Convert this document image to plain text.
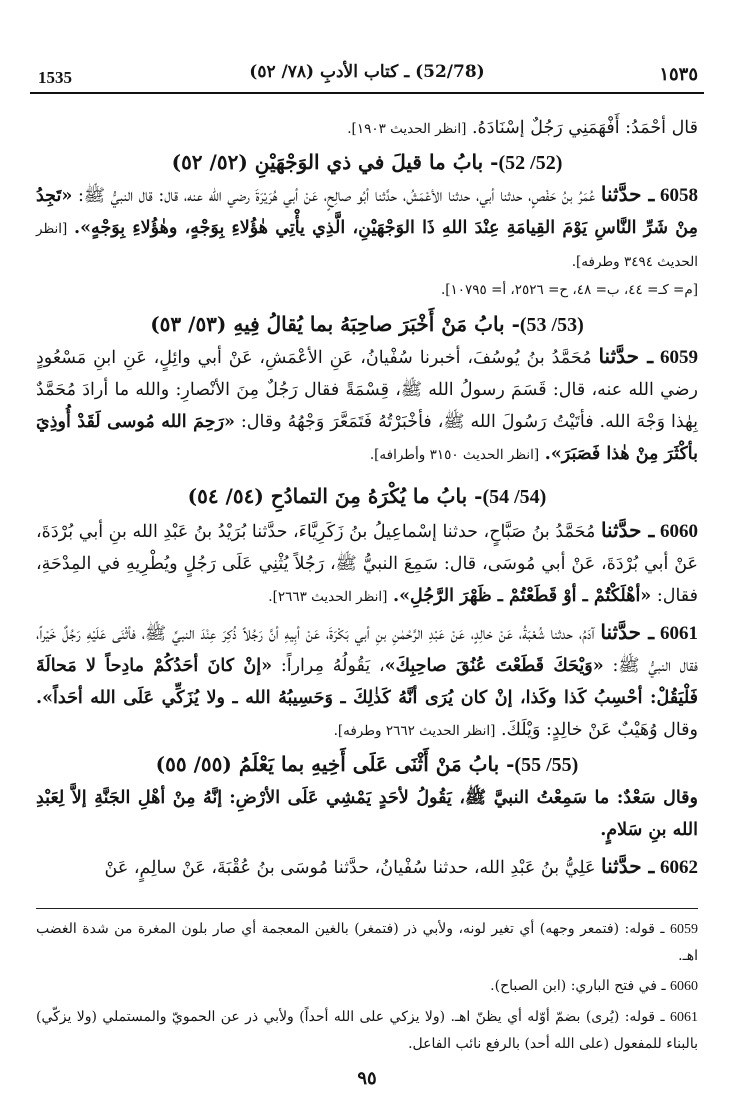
1535	(52/78) ـ كتاب الأدبِ (٧٨/ ٥٢)	١٥٣٥

قال أحْمَدُ: أَفْهَمَنِي رَجُلٌ إسْنَادَهُ. [انظر الحديث ١٩٠٣].

(52/ 52)- بابُ ما قيلَ في ذي الوَجْهَيْنِ (٥٢/ ٥٢)

6058 ـ حدَّثنا عُمَرُ بنُ حَفْصٍ، حدثنا أبي، حدثنا الأعْمَشُ، حدَّثنا أبُو صالِحٍ، عَنْ أبي هُرَيْرَةَ رضي الله عنه، قال: قال النبيُّ ﷺ: «تَجِدُ مِنْ شَرِّ النَّاسِ يَوْمَ القِيامَةِ عِنْدَ اللهِ ذَا الوَجْهَيْنِ، الَّذِي يأْتِي هٰؤُلاءِ بِوَجْهٍ، وهٰؤُلاءِ بِوَجْهٍ». [انظر الحديث ٣٤٩٤ وطرفه].

[م= كـ= ٤٤، ب= ٤٨، ح= ٢٥٢٦، أ= ١٠٧٩٥].

(53/ 53)- بابُ مَنْ أَخْبَرَ صاحِبَهُ بما يُقالُ فِيهِ (٥٣/ ٥٣)

6059 ـ حدَّثنا مُحَمَّدُ بنُ يُوسُفَ، أخبرنا سُفْيانُ، عَنِ الأعْمَشِ، عَنْ أبي وائِلٍ، عَنِ ابنِ مَسْعُودٍ رضي الله عنه، قال: قَسَمَ رسولُ الله ﷺ، قِسْمَةً فقال رَجُلٌ مِنَ الأنْصارِ: والله ما أرادَ مُحَمَّدٌ بِهٰذا وَجْهَ الله. فأتَيْتُ رَسُولَ الله ﷺ، فأخْبَرْتُهُ فَتَمَعَّرَ وَجْهُهُ وقال: «رَحِمَ الله مُوسى لَقَدْ أُوذِيَ بأكْثَرَ مِنْ هٰذا فَصَبَرَ». [انظر الحديث ٣١٥٠ وأطرافه].

(54/ 54)- بابُ ما يُكْرَهُ مِنَ التمادُحِ (٥٤/ ٥٤)

6060 ـ حدَّثنا مُحَمَّدُ بنُ صَبَّاحٍ، حدثنا إسْماعِيلُ بنُ زَكَرِيَّاءَ، حدَّثنا بُرَيْدُ بنُ عَبْدِ الله بنِ أبي بُرْدَةَ، عَنْ أبي بُرْدَةَ، عَنْ أبي مُوسَى، قال: سَمِعَ النبيُّ ﷺ، رَجُلاً يُثْنِي عَلَى رَجُلٍ ويُطْرِيهِ في المِدْحَةِ، فقال: «أهْلَكْتُمْ ـ أوْ قَطَعْتُمْ ـ ظَهْرَ الرَّجُلِ». [انظر الحديث ٢٦٦٣].

6061 ـ حدَّثنا آدَمُ، حدثنا شُعْبَةُ، عَنْ خالِدٍ، عَنْ عَبْدِ الرَّحْمٰنِ بنِ أبي بَكْرَةَ، عَنْ أبِيهِ أنَّ رَجُلاً ذُكِرَ عِنْدَ النبيِّ ﷺ، فأثْنَى عَلَيْهِ رَجُلٌ خَيْراً، فقال النبيُّ ﷺ: «وَيْحَكَ قَطَعْتَ عُنُقَ صاحِبِكَ»، يَقُولُهُ مِراراً: «إنْ كانَ أحَدُكُمْ مادِحاً لا مَحالَةَ فَلْيَقُلْ: أحْسِبُ كَذا وكَذا، إنْ كان يُرَى أنَّهُ كَذٰلِكَ ـ وَحَسِيبُهُ الله ـ ولا يُزَكِّي عَلَى الله أحَداً». وقال وُهَيْبٌ عَنْ خالِدٍ: وَيْلَكَ. [انظر الحديث ٢٦٦٢ وطرفه].

(55/ 55)- بابُ مَنْ أَثْنَى عَلَى أَخِيهِ بما يَعْلَمُ (٥٥/ ٥٥)

وقال سَعْدٌ: ما سَمِعْتُ النبيَّ ﷺ، يَقُولُ لأحَدٍ يَمْشِي عَلَى الأرْضِ: إنَّهُ مِنْ أهْلِ الجَنَّةِ إلاَّ لِعَبْدِ الله بنِ سَلامٍ.

6062 ـ حدَّثنا عَلِيُّ بنُ عَبْدِ الله، حدثنا سُفْيانُ، حدَّثنا مُوسَى بنُ عُقْبَةَ، عَنْ سالِمٍ، عَنْ

6059 ـ قوله: (فتمعر وجهه) أي تغير لونه، ولأبي ذر (فتمغر) بالغين المعجمة أي صار بلون المغرة من شدة الغضب اهـ.

6060 ـ في فتح الباري: (ابن الصباح).

6061 ـ قوله: (يُرى) بضمّ أوّله أي يظنّ اهـ. (ولا يزكي على الله أحداً) ولأبي ذر عن الحمويّ والمستملي (ولا يزكّي) بالبناء للمفعول (على الله أحد) بالرفع نائب الفاعل.

٩٥
